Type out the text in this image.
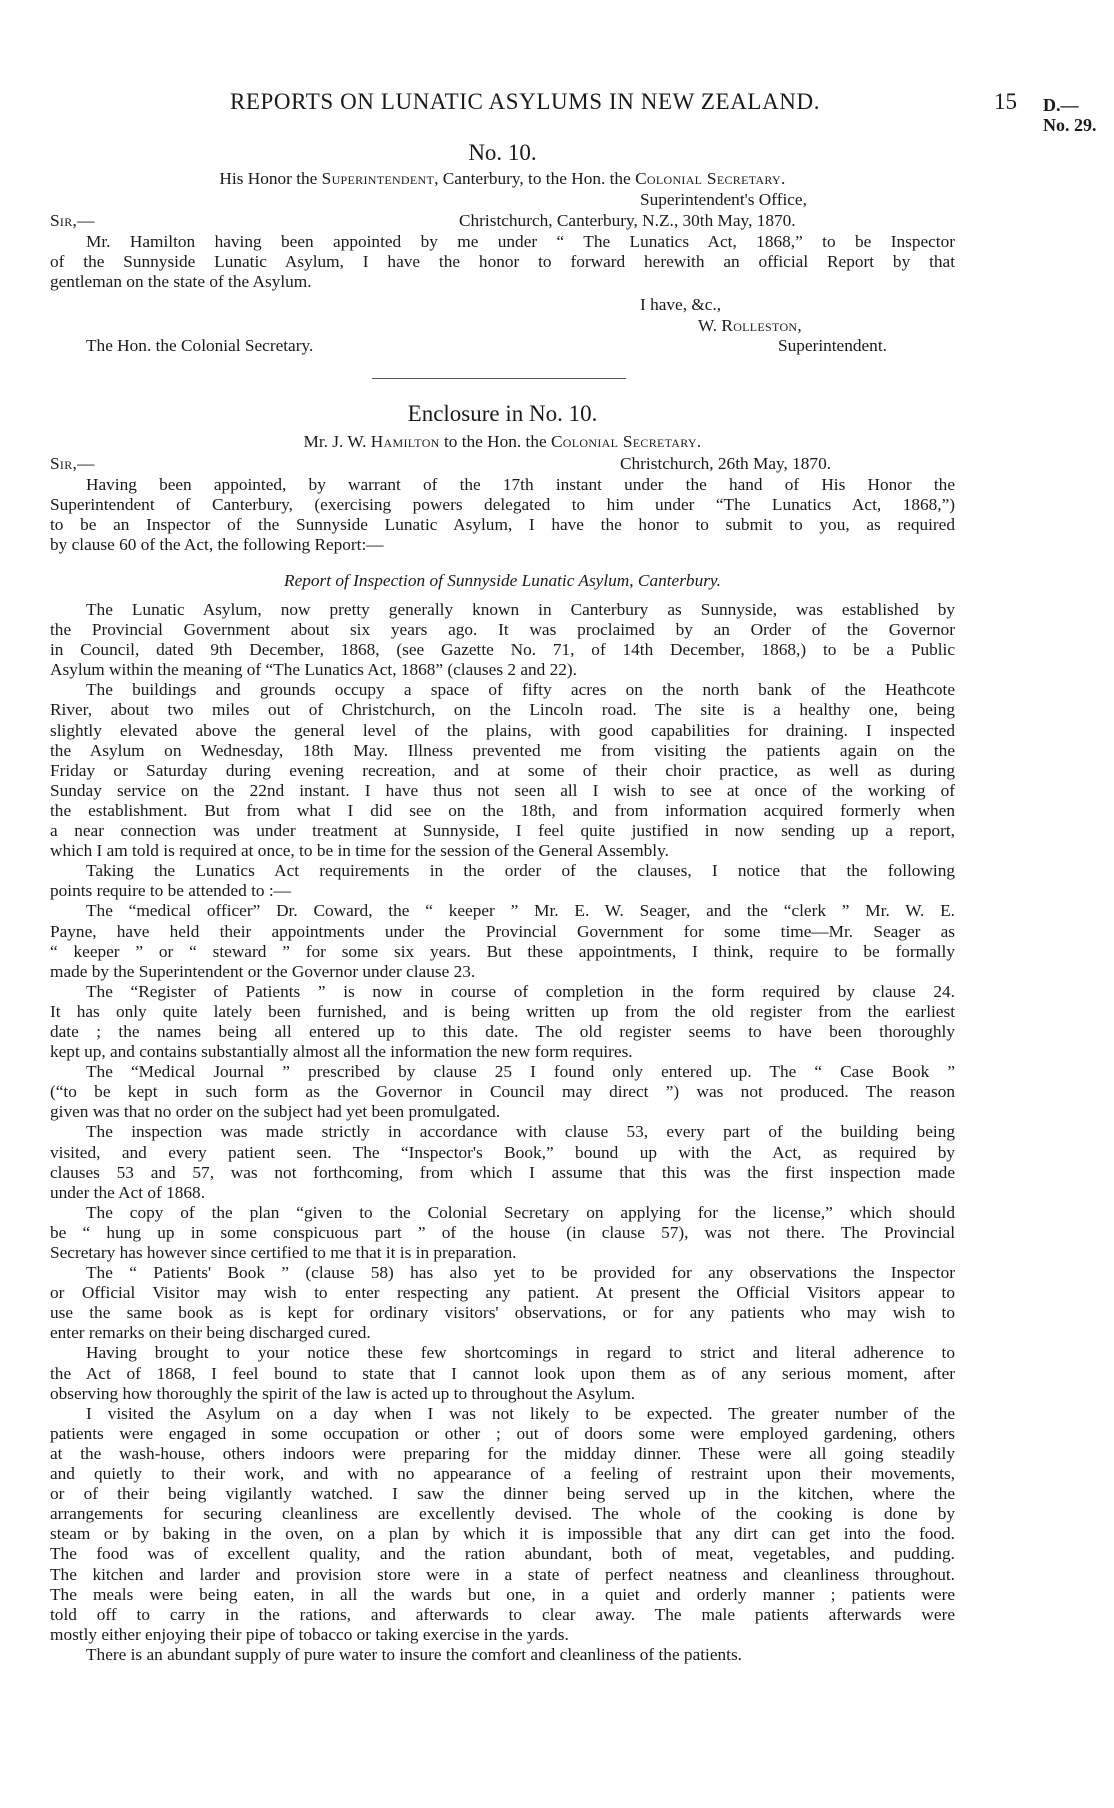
REPORTS ON LUNATIC ASYLUMS IN NEW ZEALAND.	15 D.—No. 29.
No. 10.
His Honor the Superintendent, Canterbury, to the Hon. the Colonial Secretary.
Superintendent's Office,
Sir,—	Christchurch, Canterbury, N.Z., 30th May, 1870.

Mr. Hamilton having been appointed by me under “ The Lunatics Act, 1868,” to be Inspector

of the Sunnyside Lunatic Asylum, I have the honor to forward herewith an official Report by that

gentleman on the state of the Asylum.

I have, &c.,
W. Rolleston,
Superintendent.
The Hon. the Colonial Secretary.
Enclosure in No. 10.
Mr. J. W. Hamilton to the Hon. the Colonial Secretary.
Sir,—	Christchurch, 26th May, 1870.

Having been appointed, by warrant of the 17th instant under the hand of His Honor the

Superintendent of Canterbury, (exercising powers delegated to him under “The Lunatics Act, 1868,”)

to be an Inspector of the Sunnyside Lunatic Asylum, I have the honor to submit to you, as required

by clause 60 of the Act, the following Report:—

Report of Inspection of Sunnyside Lunatic Asylum, Canterbury.

The Lunatic Asylum, now pretty generally known in Canterbury as Sunnyside, was established by

the Provincial Government about six years ago. It was proclaimed by an Order of the Governor

in Council, dated 9th December, 1868, (see Gazette No. 71, of 14th December, 1868,) to be a Public

Asylum within the meaning of “The Lunatics Act, 1868” (clauses 2 and 22).

The buildings and grounds occupy a space of fifty acres on the north bank of the Heathcote

River, about two miles out of Christchurch, on the Lincoln road. The site is a healthy one, being

slightly elevated above the general level of the plains, with good capabilities for draining. I inspected

the Asylum on Wednesday, 18th May. Illness prevented me from visiting the patients again on the

Friday or Saturday during evening recreation, and at some of their choir practice, as well as during

Sunday service on the 22nd instant. I have thus not seen all I wish to see at once of the working of

the establishment. But from what I did see on the 18th, and from information acquired formerly when

a near connection was under treatment at Sunnyside, I feel quite justified in now sending up a report,

which I am told is required at once, to be in time for the session of the General Assembly.

Taking the Lunatics Act requirements in the order of the clauses, I notice that the following

points require to be attended to :—

The “medical officer” Dr. Coward, the “ keeper ” Mr. E. W. Seager, and the “clerk ” Mr. W. E.

Payne, have held their appointments under the Provincial Government for some time—Mr. Seager as

“ keeper ” or “ steward ” for some six years. But these appointments, I think, require to be formally

made by the Superintendent or the Governor under clause 23.

The “Register of Patients ” is now in course of completion in the form required by clause 24.

It has only quite lately been furnished, and is being written up from the old register from the earliest

date ; the names being all entered up to this date. The old register seems to have been thoroughly

kept up, and contains substantially almost all the information the new form requires.

The “Medical Journal ” prescribed by clause 25 I found only entered up. The “ Case Book ”

(“to be kept in such form as the Governor in Council may direct ”) was not produced. The reason

given was that no order on the subject had yet been promulgated.

The inspection was made strictly in accordance with clause 53, every part of the building being

visited, and every patient seen. The “Inspector's Book,” bound up with the Act, as required by

clauses 53 and 57, was not forthcoming, from which I assume that this was the first inspection made

under the Act of 1868.

The copy of the plan “given to the Colonial Secretary on applying for the license,” which should

be “ hung up in some conspicuous part ” of the house (in clause 57), was not there. The Provincial

Secretary has however since certified to me that it is in preparation.

The “ Patients' Book ” (clause 58) has also yet to be provided for any observations the Inspector

or Official Visitor may wish to enter respecting any patient. At present the Official Visitors appear to

use the same book as is kept for ordinary visitors' observations, or for any patients who may wish to

enter remarks on their being discharged cured.

Having brought to your notice these few shortcomings in regard to strict and literal adherence to

the Act of 1868, I feel bound to state that I cannot look upon them as of any serious moment, after

observing how thoroughly the spirit of the law is acted up to throughout the Asylum.

I visited the Asylum on a day when I was not likely to be expected. The greater number of the

patients were engaged in some occupation or other ; out of doors some were employed gardening, others

at the wash-house, others indoors were preparing for the midday dinner. These were all going steadily

and quietly to their work, and with no appearance of a feeling of restraint upon their movements,

or of their being vigilantly watched. I saw the dinner being served up in the kitchen, where the

arrangements for securing cleanliness are excellently devised. The whole of the cooking is done by

steam or by baking in the oven, on a plan by which it is impossible that any dirt can get into the food.

The food was of excellent quality, and the ration abundant, both of meat, vegetables, and pudding.

The kitchen and larder and provision store were in a state of perfect neatness and cleanliness throughout.

The meals were being eaten, in all the wards but one, in a quiet and orderly manner ; patients were

told off to carry in the rations, and afterwards to clear away. The male patients afterwards were

mostly either enjoying their pipe of tobacco or taking exercise in the yards.

There is an abundant supply of pure water to insure the comfort and cleanliness of the patients.
